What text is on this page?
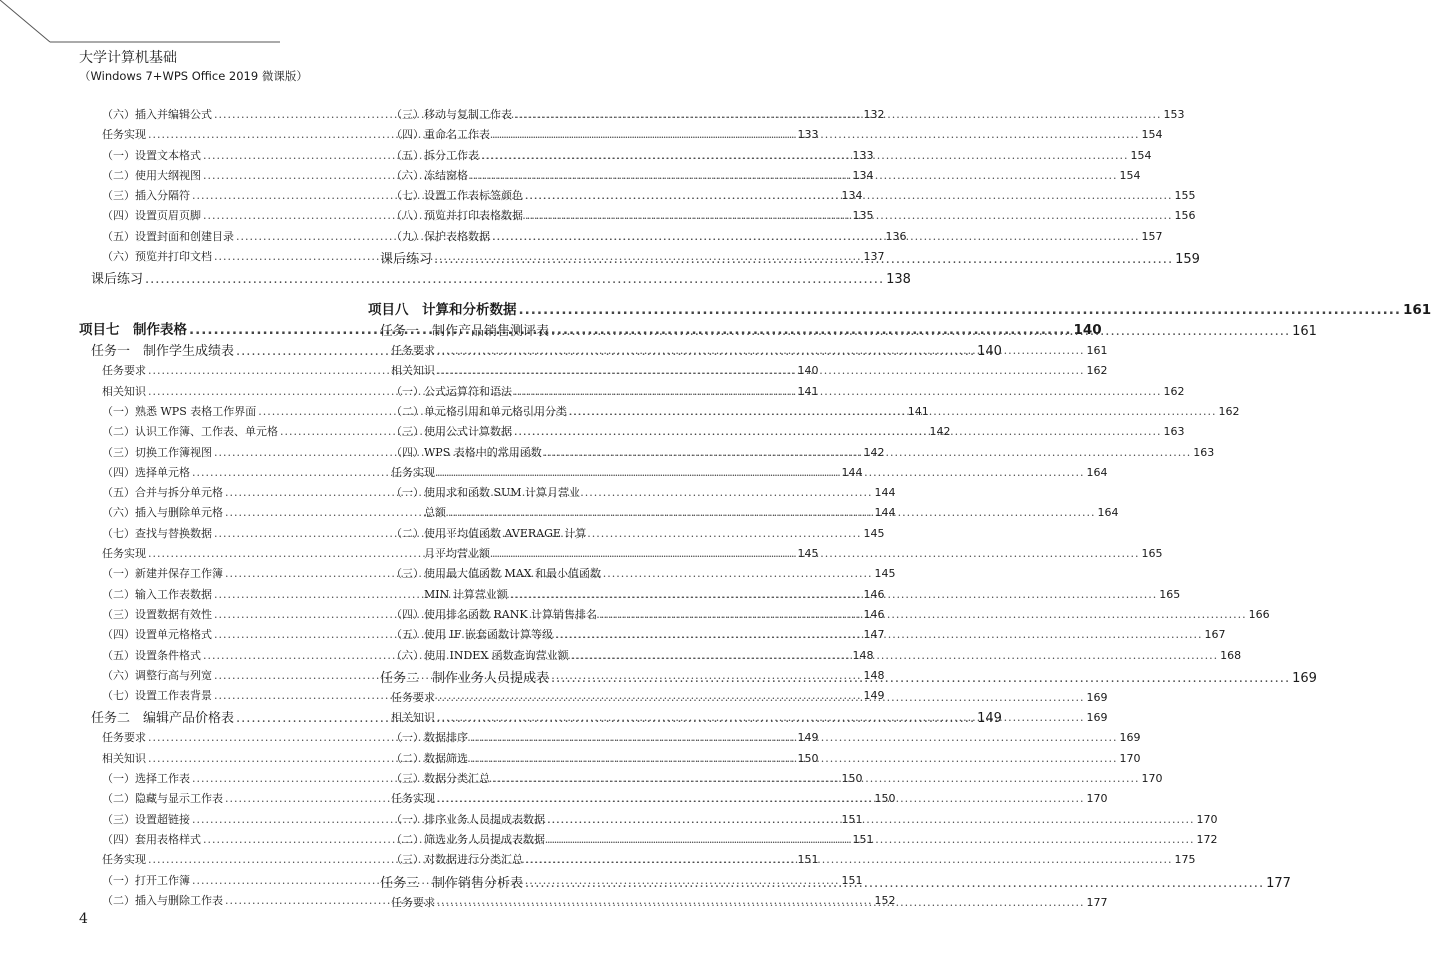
大学计算机基础
（Windows 7+WPS Office 2019 微课版）
（六）插入并编辑公式 .....	132
任务实现 .....	133
（一）设置文本格式 .....	133
（二）使用大纲视图 .....	134
（三）插入分隔符 .....	134
（四）设置页眉页脚 .....	135
（五）设置封面和创建目录 .....	136
（六）预览并打印文档 .....	137
课后练习 .....	138
项目七　制作表格 .....	140
任务一　制作学生成绩表 .....	140
任务要求 .....	140
相关知识 .....	141
（一）熟悉 WPS 表格工作界面 .....	141
（二）认识工作簿、工作表、单元格 .....	142
（三）切换工作簿视图 .....	142
（四）选择单元格 .....	144
（五）合并与拆分单元格 .....	144
（六）插入与删除单元格 .....	144
（七）查找与替换数据 .....	145
任务实现 .....	145
（一）新建并保存工作簿 .....	145
（二）输入工作表数据 .....	146
（三）设置数据有效性 .....	146
（四）设置单元格格式 .....	147
（五）设置条件格式 .....	148
（六）调整行高与列宽 .....	148
（七）设置工作表背景 .....	149
任务二　编辑产品价格表 .....	149
任务要求 .....	149
相关知识 .....	150
（一）选择工作表 .....	150
（二）隐藏与显示工作表 .....	150
（三）设置超链接 .....	151
（四）套用表格样式 .....	151
任务实现 .....	151
（一）打开工作簿 .....	151
（二）插入与删除工作表 .....	152
（三）移动与复制工作表 .....	153
（四）重命名工作表 .....	154
（五）拆分工作表 .....	154
（六）冻结窗格 .....	154
（七）设置工作表标签颜色 .....	155
（八）预览并打印表格数据 .....	156
（九）保护表格数据 .....	157
课后练习 .....	159
项目八　计算和分析数据 .....	161
任务一　制作产品销售测评表 .....	161
任务要求 .....	161
相关知识 .....	162
（一）公式运算符和语法 .....	162
（二）单元格引用和单元格引用分类 .....	162
（三）使用公式计算数据 .....	163
（四）WPS 表格中的常用函数 .....	163
任务实现 .....	164
（一）使用求和函数 SUM 计算月营业
总额 .....	164
（二）使用平均值函数 AVERAGE 计算
月平均营业额 .....	165
（三）使用最大值函数 MAX 和最小值函数
MIN 计算营业额 .....	165
（四）使用排名函数 RANK 计算销售排名 .....	166
（五）使用 IF 嵌套函数计算等级 .....	167
（六）使用 INDEX 函数查询营业额 .....	168
任务二　制作业务人员提成表 .....	169
任务要求 .....	169
相关知识 .....	169
（一）数据排序 .....	169
（二）数据筛选 .....	170
（三）数据分类汇总 .....	170
任务实现 .....	170
（一）排序业务人员提成表数据 .....	170
（二）筛选业务人员提成表数据 .....	172
（三）对数据进行分类汇总 .....	175
任务三　制作销售分析表 .....	177
任务要求 .....	177
4
